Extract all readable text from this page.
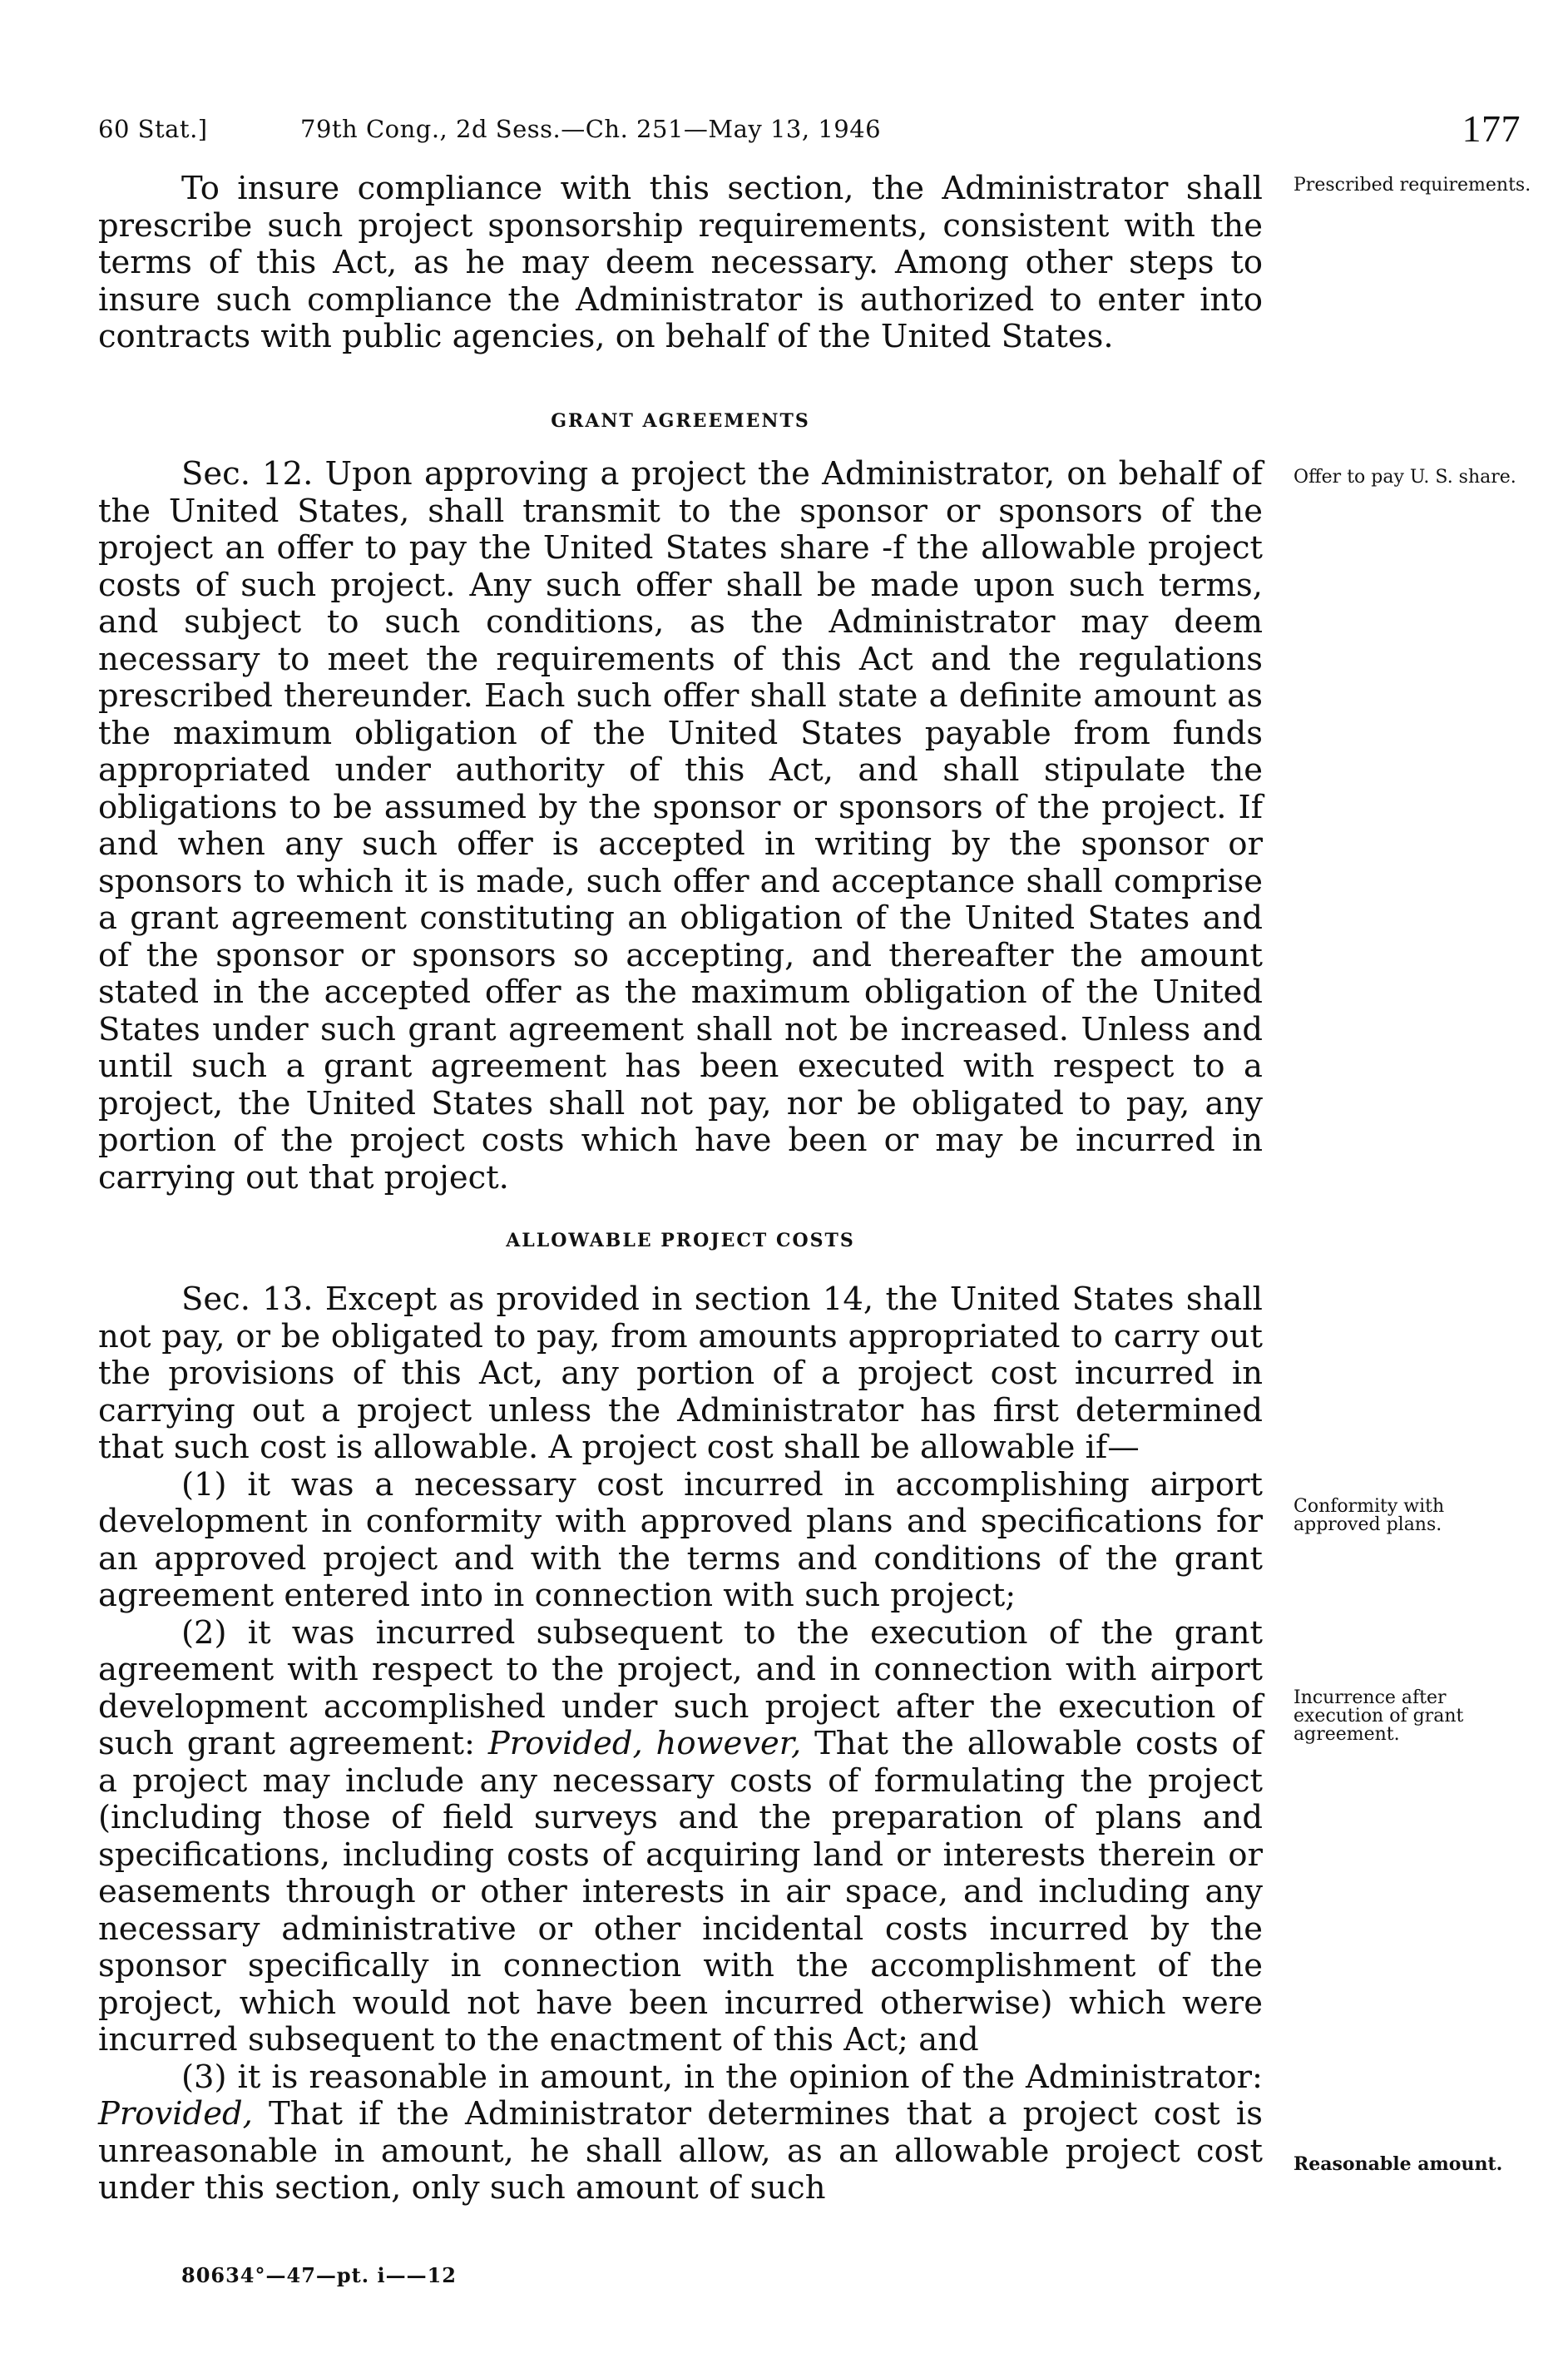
60 Stat.]	79th Cong., 2d Sess.—Ch. 251—May 13, 1946	177

To insure compliance with this section, the Administrator shall prescribe such project sponsorship requirements, consistent with the terms of this Act, as he may deem necessary. Among other steps to insure such compliance the Administrator is authorized to enter into contracts with public agencies, on behalf of the United States.

Prescribed requirements.
GRANT AGREEMENTS

Sec. 12. Upon approving a project the Administrator, on behalf of the United States, shall transmit to the sponsor or sponsors of the project an offer to pay the United States share -f the allowable project costs of such project. Any such offer shall be made upon such terms, and subject to such conditions, as the Administrator may deem necessary to meet the requirements of this Act and the regulations prescribed thereunder. Each such offer shall state a definite amount as the maximum obligation of the United States payable from funds appropriated under authority of this Act, and shall stipulate the obligations to be assumed by the sponsor or sponsors of the project. If and when any such offer is accepted in writing by the sponsor or sponsors to which it is made, such offer and acceptance shall comprise a grant agreement constituting an obligation of the United States and of the sponsor or sponsors so accepting, and thereafter the amount stated in the accepted offer as the maximum obligation of the United States under such grant agreement shall not be increased. Unless and until such a grant agreement has been executed with respect to a project, the United States shall not pay, nor be obligated to pay, any portion of the project costs which have been or may be incurred in carrying out that project.

Offer to pay U. S. share.
ALLOWABLE PROJECT COSTS

Sec. 13. Except as provided in section 14, the United States shall not pay, or be obligated to pay, from amounts appropriated to carry out the provisions of this Act, any portion of a project cost incurred in carrying out a project unless the Administrator has first determined that such cost is allowable. A project cost shall be allowable if—

(1) it was a necessary cost incurred in accomplishing airport development in conformity with approved plans and specifications for an approved project and with the terms and conditions of the grant agreement entered into in connection with such project;

(2) it was incurred subsequent to the execution of the grant agreement with respect to the project, and in connection with airport development accomplished under such project after the execution of such grant agreement: Provided, however, That the allowable costs of a project may include any necessary costs of formulating the project (including those of field surveys and the preparation of plans and specifications, including costs of acquiring land or interests therein or easements through or other interests in air space, and including any necessary administrative or other incidental costs incurred by the sponsor specifically in connection with the accomplishment of the project, which would not have been incurred otherwise) which were incurred subsequent to the enactment of this Act; and

(3) it is reasonable in amount, in the opinion of the Administrator: Provided, That if the Administrator determines that a project cost is unreasonable in amount, he shall allow, as an allowable project cost under this section, only such amount of such

Conformity with approved plans.
Incurrence after execution of grant agreement.
Reasonable amount.
80634°—47—pt. i——12
